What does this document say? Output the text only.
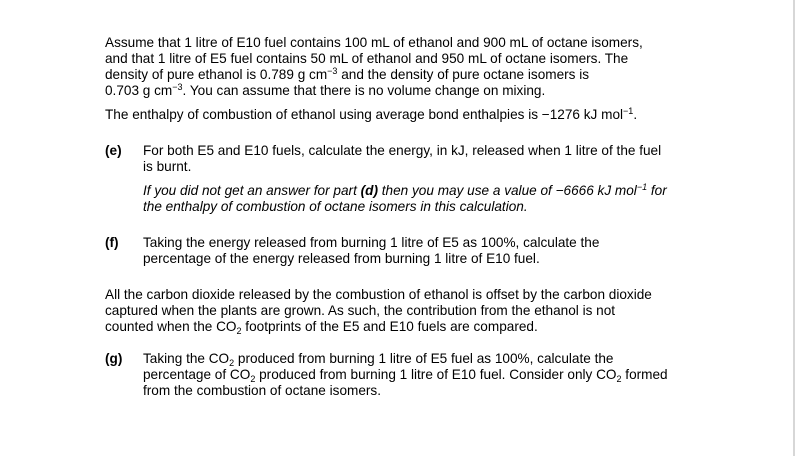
Assume that 1 litre of E10 fuel contains 100 mL of ethanol and 900 mL of octane isomers,
and that 1 litre of E5 fuel contains 50 mL of ethanol and 950 mL of octane isomers. The
density of pure ethanol is 0.789 g $cm^{-3}$ and the density of pure octane isomers is
0.703 g $cm^{-3}$. You can assume that there is no volume change on mixing.
The enthalpy of combustion of ethanol using average bond enthalpies is −1276 kJ mol$^{-1}$.
(e) For both E5 and E10 fuels, calculate the energy, in kJ, released when 1 litre of the fuel
is burnt.
If you did not get an answer for part (d) then you may use a value of −6666 kJ mol$^{-1}$ for
the enthalpy of combustion of octane isomers in this calculation.
(f) Taking the energy released from burning 1 litre of E5 as 100%, calculate the
percentage of the energy released from burning 1 litre of E10 fuel.
All the carbon dioxide released by the combustion of ethanol is offset by the carbon dioxide
captured when the plants are grown. As such, the contribution from the ethanol is not
counted when the $CO_2$ footprints of the E5 and E10 fuels are compared.
(g) Taking the $CO_2$ produced from burning 1 litre of E5 fuel as 100%, calculate the
percentage of $CO_2$ produced from burning 1 litre of E10 fuel. Consider only $CO_2$ formed
from the combustion of octane isomers.
